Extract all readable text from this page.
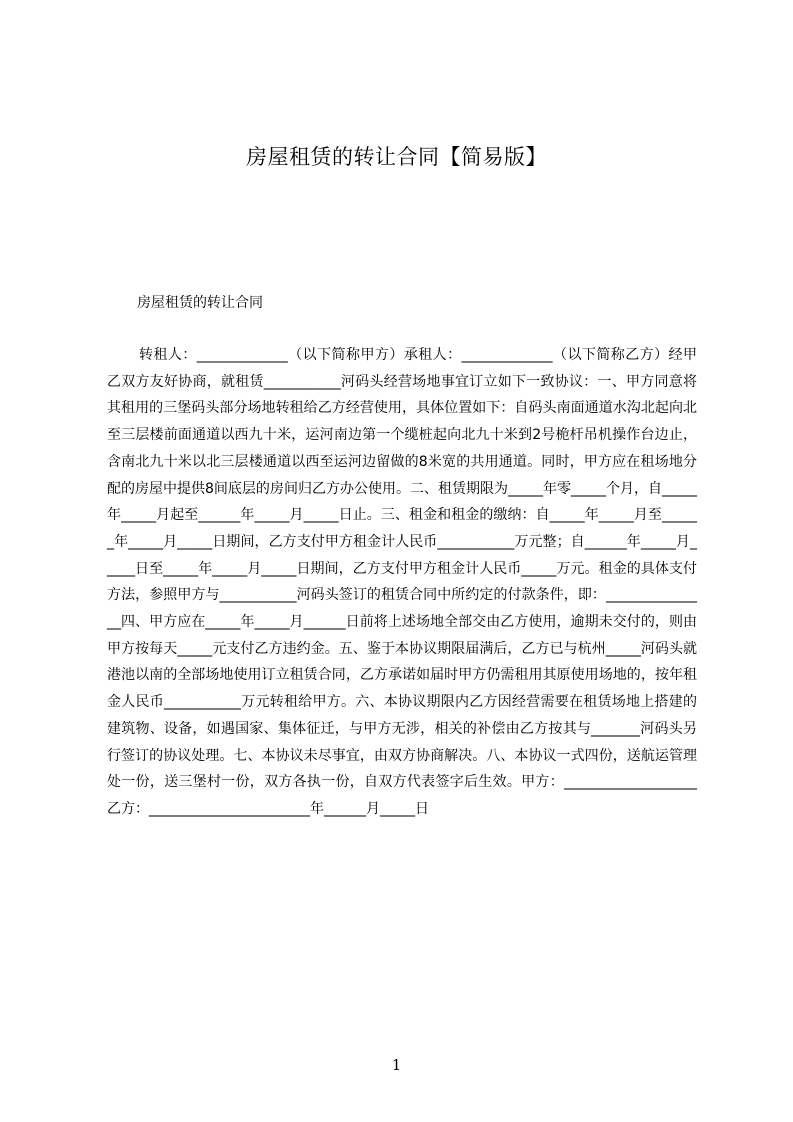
房屋租赁的转让合同【简易版】
房屋租赁的转让合同
转租人：_____________（以下简称甲方）承租人：_____________（以下简称乙方）经甲乙双方友好协商，就租赁___________河码头经营场地事宜订立如下一致协议：一、甲方同意将其租用的三堡码头部分场地转租给乙方经营使用，具体位置如下：自码头南面通道水沟北起向北至三层楼前面通道以西九十米，运河南边第一个缆桩起向北九十米到2号桅杆吊机操作台边止，含南北九十米以北三层楼通道以西至运河边留做的8米宽的共用通道。同时，甲方应在租场地分配的房屋中提供8间底层的房间归乙方办公使用。二、租赁期限为_____年零_____个月，自_____年_____月起至______年_____月_____日止。三、租金和租金的缴纳：自_____年_____月至______年_____月_____日期间，乙方支付甲方租金计人民币___________万元整；自______年_____月_____日至_____年_____月_____日期间，乙方支付甲方租金计人民币_____万元。租金的具体支付方法，参照甲方与___________河码头签订的租赁合同中所约定的付款条件，即：_______________四、甲方应在_____年_____月______日前将上述场地全部交由乙方使用，逾期未交付的，则由甲方按每天_____元支付乙方违约金。五、鉴于本协议期限届满后，乙方已与杭州_____河码头就港池以南的全部场地使用订立租赁合同，乙方承诺如届时甲方仍需租用其原使用场地的，按年租金人民币___________万元转租给甲方。六、本协议期限内乙方因经营需要在租赁场地上搭建的建筑物、设备，如遇国家、集体征迁，与甲方无涉，相关的补偿由乙方按其与_______河码头另行签订的协议处理。七、本协议未尽事宜，由双方协商解决。八、本协议一式四份，送航运管理处一份，送三堡村一份，双方各执一份，自双方代表签字后生效。甲方：___________________乙方：_______________________年______月_____日
1
